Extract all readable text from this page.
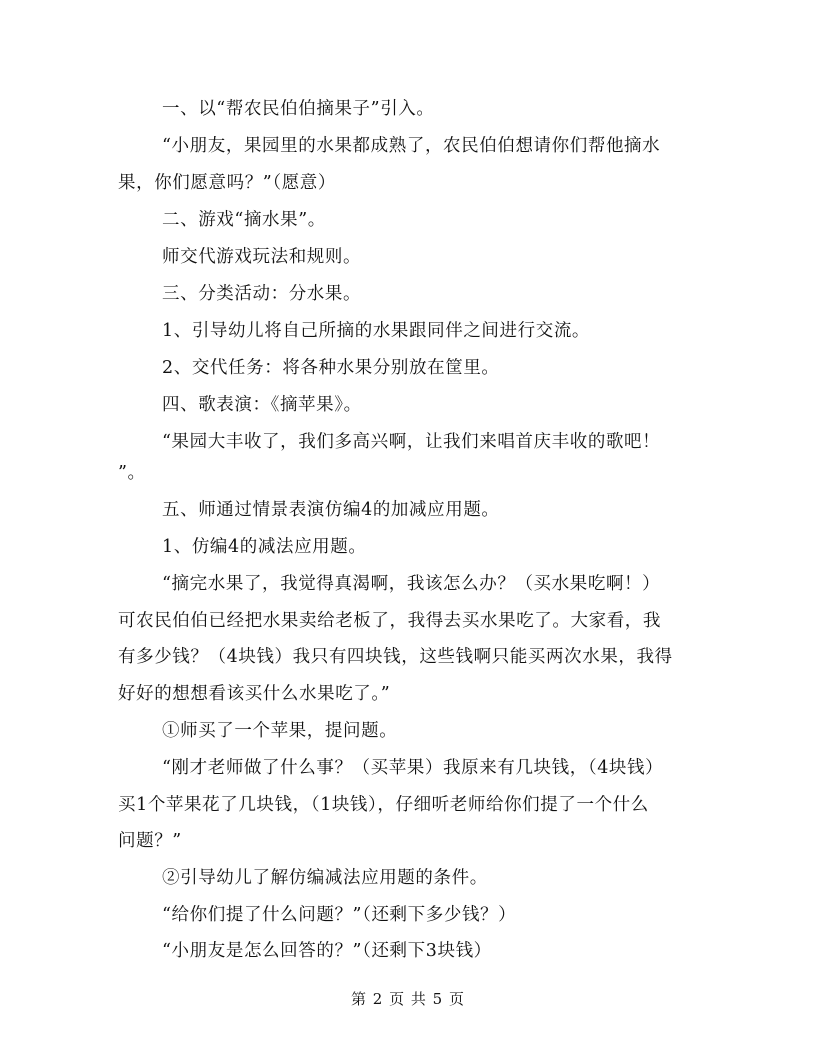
一、以“帮农民伯伯摘果子”引入。
“小朋友，果园里的水果都成熟了，农民伯伯想请你们帮他摘水
果，你们愿意吗？”（愿意）
二、游戏“摘水果”。
师交代游戏玩法和规则。
三、分类活动：分水果。
1、引导幼儿将自己所摘的水果跟同伴之间进行交流。
2、交代任务：将各种水果分别放在筐里。
四、歌表演：《摘苹果》。
“果园大丰收了，我们多高兴啊，让我们来唱首庆丰收的歌吧！
”。
五、师通过情景表演仿编4的加减应用题。
1、仿编4的减法应用题。
“摘完水果了，我觉得真渴啊，我该怎么办？（买水果吃啊！）
可农民伯伯已经把水果卖给老板了，我得去买水果吃了。大家看，我
有多少钱？（4块钱）我只有四块钱，这些钱啊只能买两次水果，我得
好好的想想看该买什么水果吃了。”
①师买了一个苹果，提问题。
“刚才老师做了什么事？（买苹果）我原来有几块钱，（4块钱）
买1个苹果花了几块钱，（1块钱），仔细听老师给你们提了一个什么
问题？”
②引导幼儿了解仿编减法应用题的条件。
“给你们提了什么问题？”（还剩下多少钱？）
“小朋友是怎么回答的？”（还剩下3块钱）
第 2 页 共 5 页
